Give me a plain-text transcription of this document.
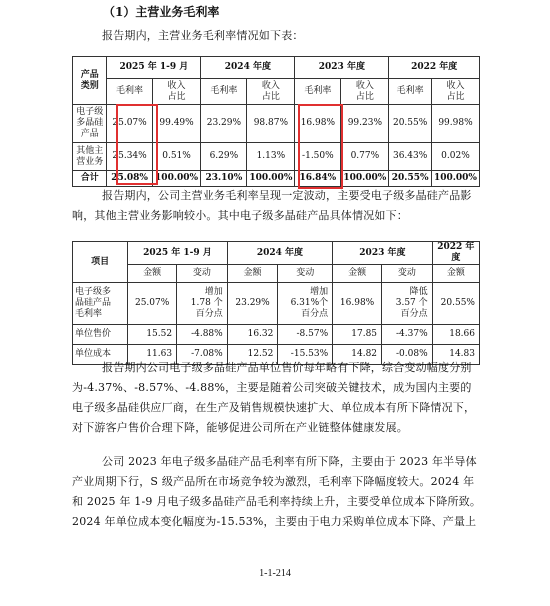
（1）主营业务毛利率
报告期内，主营业务毛利率情况如下表：
产品
类别	2025 年 1-9 月		2024 年度		2023 年度		2022 年度	
	毛利率	收入
占比	毛利率	收入
占比	毛利率	收入
占比	毛利率	收入
占比
电子级
多晶硅
产品	25.07%	99.49%	23.29%	98.87%	16.98%	99.23%	20.55%	99.98%
其他主
营业务	25.34%	0.51%	6.29%	1.13%	-1.50%	0.77%	36.43%	0.02%
合计	25.08%	100.00%	23.10%	100.00%	16.84%	100.00%	20.55%	100.00%
报告期内，公司主营业务毛利率呈现一定波动，主要受电子级多晶硅产品影响，其他主营业务影响较小。其中电子级多晶硅产品具体情况如下：
项目	2025 年 1-9 月		2024 年度		2023 年度		2022 年度
	金额	变动	金额	变动	金额	变动	金额
电子级多
晶硅产品
毛利率	25.07%	增加
1.78 个
百分点	23.29%	增加
6.31%个
百分点	16.98%	降低
3.57 个
百分点	20.55%
单位售价	15.52	-4.88%	16.32	-8.57%	17.85	-4.37%	18.66
单位成本	11.63	-7.08%	12.52	-15.53%	14.82	-0.08%	14.83
报告期内公司电子级多晶硅产品单位售价每年略有下降，综合变动幅度分别为-4.37%、-8.57%、-4.88%，主要是随着公司突破关键技术，成为国内主要的电子级多晶硅供应厂商，在生产及销售规模快速扩大、单位成本有所下降情况下，对下游客户售价合理下降，能够促进公司所在产业链整体健康发展。
公司 2023 年电子级多晶硅产品毛利率有所下降，主要由于 2023 年半导体产业周期下行，S 级产品所在市场竞争较为激烈，毛利率下降幅度较大。2024 年和 2025 年 1-9 月电子级多晶硅产品毛利率持续上升，主要受单位成本下降所致。2024 年单位成本变化幅度为-15.53%，主要由于电力采购单位成本下降、产量上
1-1-214
